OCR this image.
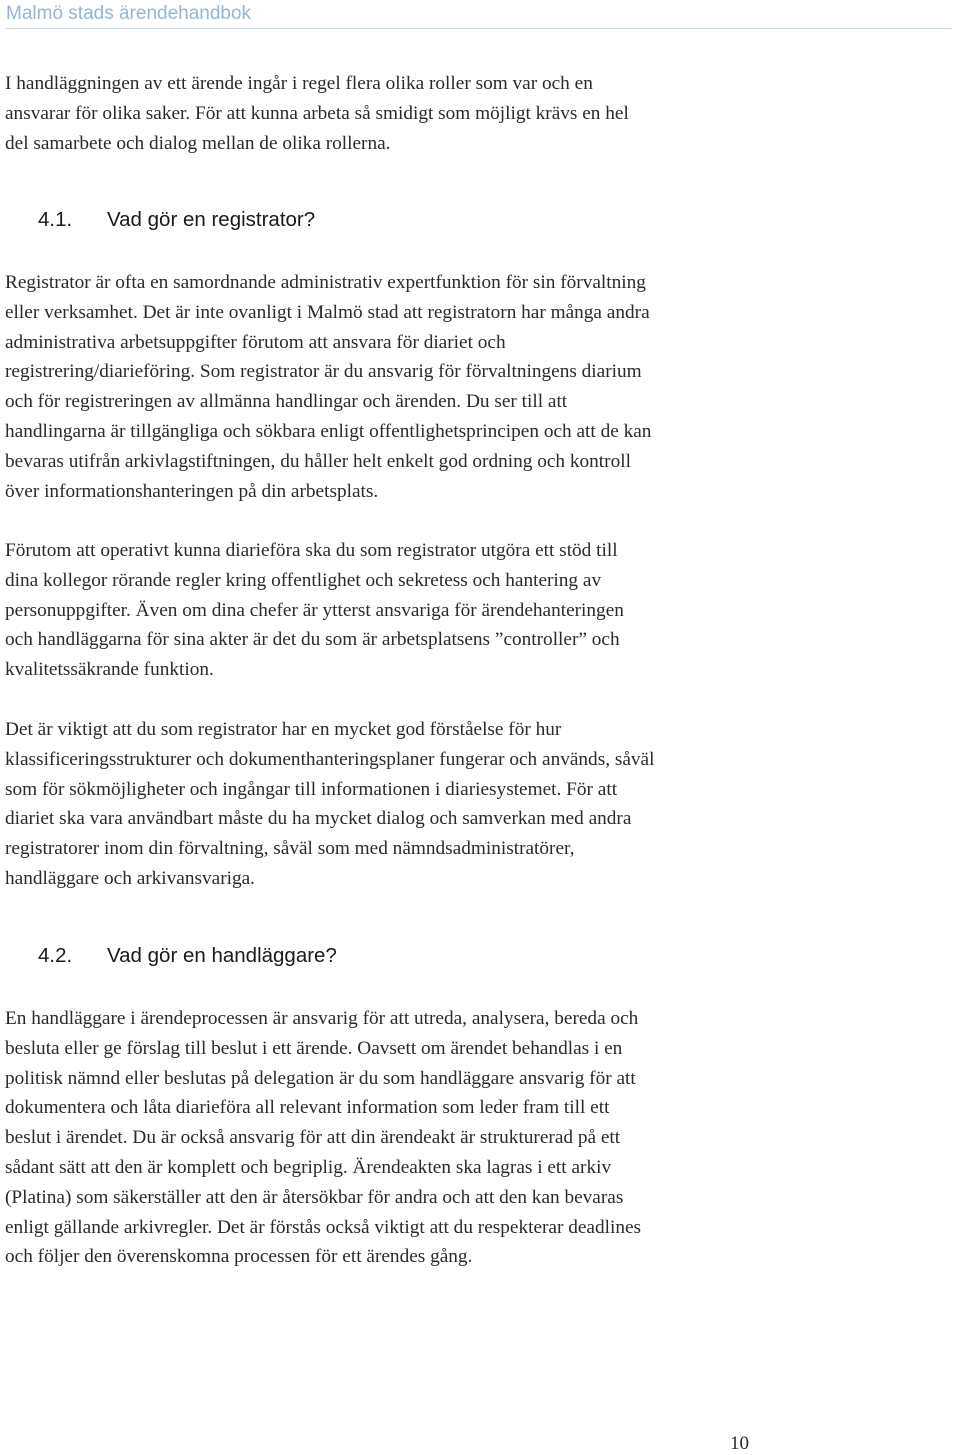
Malmö stads ärendehandbok

I handläggningen av ett ärende ingår i regel flera olika roller som var och en
ansvarar för olika saker. För att kunna arbeta så smidigt som möjligt krävs en hel
del samarbete och dialog mellan de olika rollerna.

4.1. Vad gör en registrator?

Registrator är ofta en samordnande administrativ expertfunktion för sin förvaltning
eller verksamhet. Det är inte ovanligt i Malmö stad att registratorn har många andra
administrativa arbetsuppgifter förutom att ansvara för diariet och
registrering/diarieföring. Som registrator är du ansvarig för förvaltningens diarium
och för registreringen av allmänna handlingar och ärenden. Du ser till att
handlingarna är tillgängliga och sökbara enligt offentlighetsprincipen och att de kan
bevaras utifrån arkivlagstiftningen, du håller helt enkelt god ordning och kontroll
över informationshanteringen på din arbetsplats.

Förutom att operativt kunna diarieföra ska du som registrator utgöra ett stöd till
dina kollegor rörande regler kring offentlighet och sekretess och hantering av
personuppgifter. Även om dina chefer är ytterst ansvariga för ärendehanteringen
och handläggarna för sina akter är det du som är arbetsplatsens ”controller” och
kvalitetssäkrande funktion.

Det är viktigt att du som registrator har en mycket god förståelse för hur
klassificeringsstrukturer och dokumenthanteringsplaner fungerar och används, såväl
som för sökmöjligheter och ingångar till informationen i diariesystemet. För att
diariet ska vara användbart måste du ha mycket dialog och samverkan med andra
registratorer inom din förvaltning, såväl som med nämndsadministratörer,
handläggare och arkivansvariga.

4.2. Vad gör en handläggare?

En handläggare i ärendeprocessen är ansvarig för att utreda, analysera, bereda och
besluta eller ge förslag till beslut i ett ärende. Oavsett om ärendet behandlas i en
politisk nämnd eller beslutas på delegation är du som handläggare ansvarig för att
dokumentera och låta diarieföra all relevant information som leder fram till ett
beslut i ärendet. Du är också ansvarig för att din ärendeakt är strukturerad på ett
sådant sätt att den är komplett och begriplig. Ärendeakten ska lagras i ett arkiv
(Platina) som säkerställer att den är återsökbar för andra och att den kan bevaras
enligt gällande arkivregler. Det är förstås också viktigt att du respekterar deadlines
och följer den överenskomna processen för ett ärendes gång.

10
